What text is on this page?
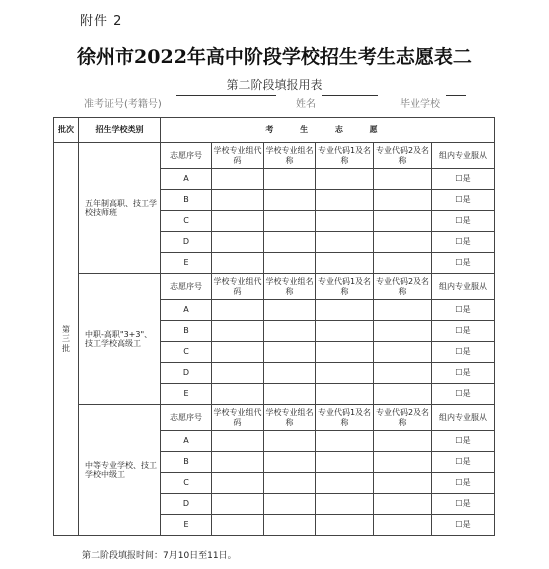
附件 2
徐州市2022年高中阶段学校招生考生志愿表二
第二阶段填报用表
准考证号(考籍号)	姓名	毕业学校
批次	招生学校类别	考 生 志 愿					
第
三
批	五年制高职、技工学校技师班	志愿序号	学校专业组代码	学校专业组名称	专业代码1及名称	专业代码2及名称	组内专业服从
		A					☐是
		B					☐是
		C					☐是
		D					☐是
		E					☐是
	中职-高职"3+3"、技工学校高级工	志愿序号	学校专业组代码	学校专业组名称	专业代码1及名称	专业代码2及名称	组内专业服从
		A					☐是
		B					☐是
		C					☐是
		D					☐是
		E					☐是
	中等专业学校、技工学校中级工	志愿序号	学校专业组代码	学校专业组名称	专业代码1及名称	专业代码2及名称	组内专业服从
		A					☐是
		B					☐是
		C					☐是
		D					☐是
		E					☐是
第二阶段填报时间：7月10日至11日。
